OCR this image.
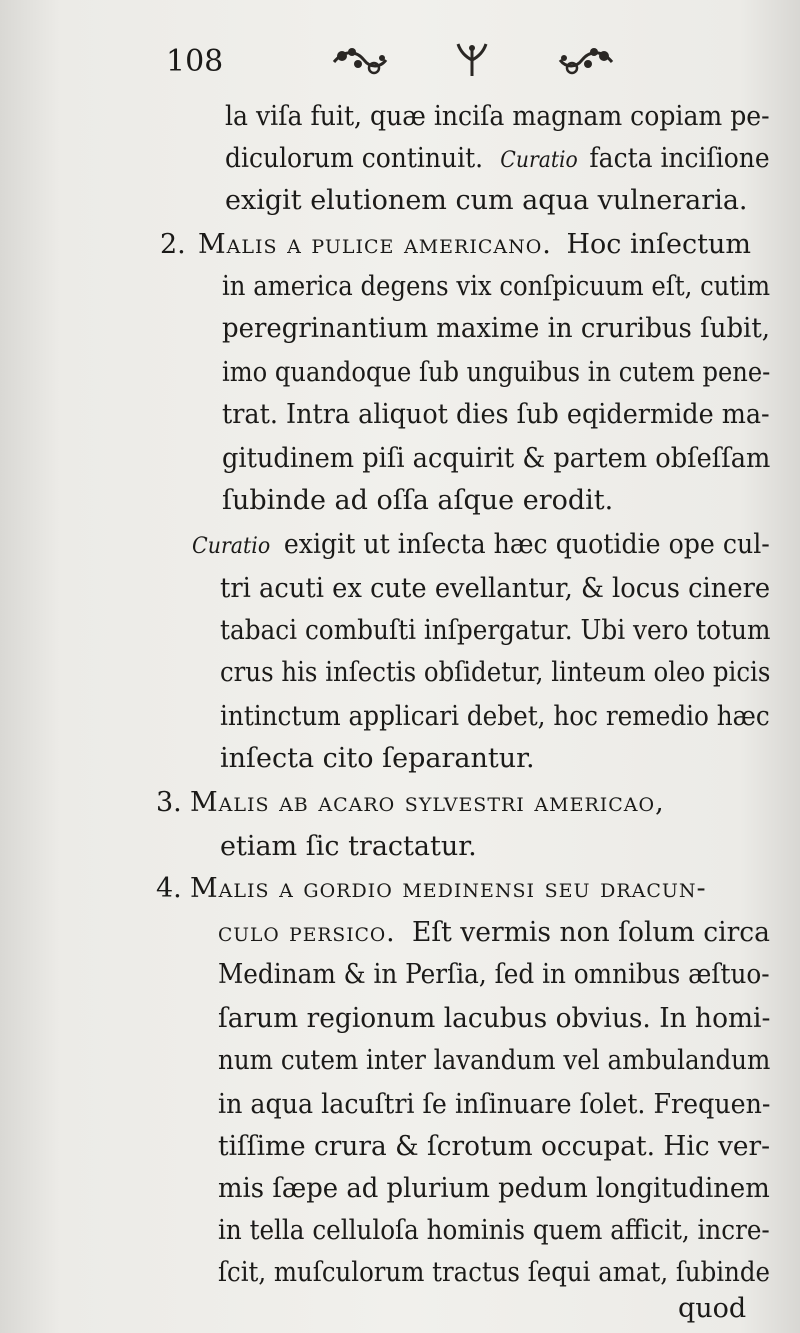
108
la viſa fuit, quæ inciſa magnam copiam pe-
diculorum continuit. Curatio facta inciſione
exigit elutionem cum aqua vulneraria.
2. Malis a pulice americano. Hoc inſectum
in america degens vix conſpicuum eſt, cutim
peregrinantium maxime in cruribus ſubit,
imo quandoque ſub unguibus in cutem pene-
trat. Intra aliquot dies ſub eqidermide ma-
gitudinem piſi acquirit & partem obſeſſam
ſubinde ad oſſa aſque erodit.
Curatio exigit ut inſecta hæc quotidie ope cul-
tri acuti ex cute evellantur, & locus cinere
tabaci combuſti inſpergatur. Ubi vero totum
crus his inſectis obſidetur, linteum oleo picis
intinctum applicari debet, hoc remedio hæc
inſecta cito ſeparantur.
3. Malis ab acaro sylvestri americao,
etiam ſic tractatur.
4. Malis a gordio medinensi ſeu dracun-
culo persico. Eſt vermis non ſolum circa
Medinam & in Perſia, ſed in omnibus æſtuo-
ſarum regionum lacubus obvius. In homi-
num cutem inter lavandum vel ambulandum
in aqua lacuſtri ſe inſinuare ſolet. Frequen-
tiſſime crura & ſcrotum occupat. Hic ver-
mis ſæpe ad plurium pedum longitudinem
in tella celluloſa hominis quem afficit, incre-
ſcit, muſculorum tractus ſequi amat, ſubinde
quod
